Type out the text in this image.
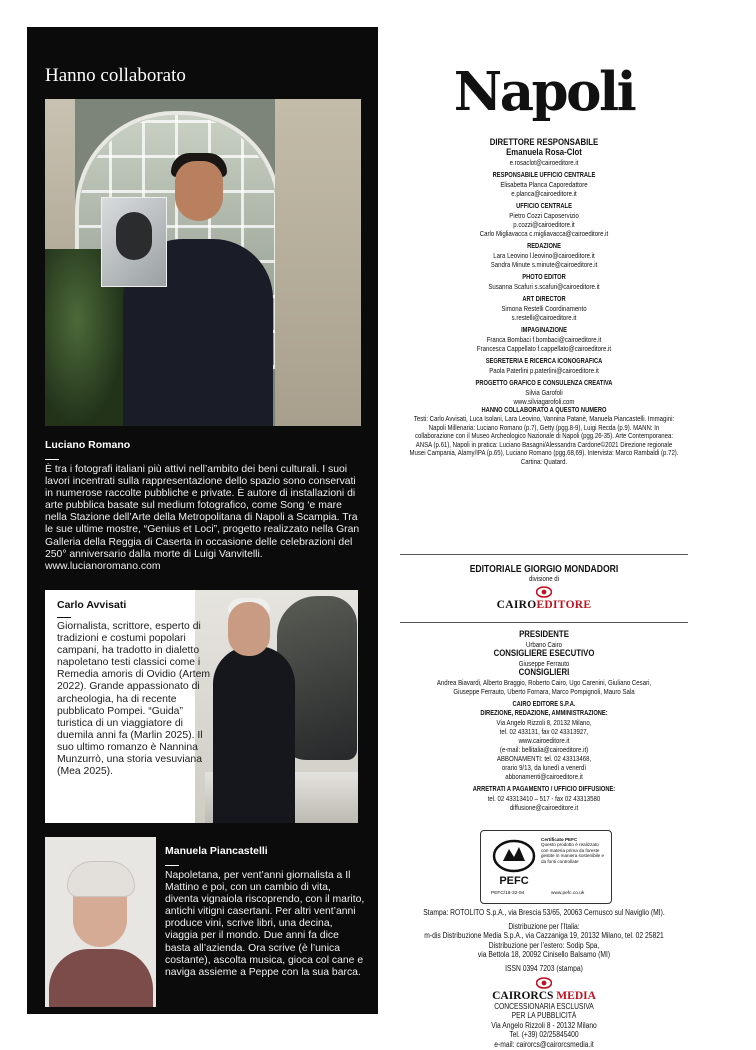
Hanno collaborato
Luciano Romano
È tra i fotografi italiani più attivi nell’ambito dei beni culturali. I suoi lavori incentrati sulla rappresentazione dello spazio sono conservati in numerose raccolte pubbliche e private. È autore di installazioni di arte pubblica basate sul medium fotografico, come Song ‘e mare nella Stazione dell’Arte della Metropolitana di Napoli a Scampia. Tra le sue ultime mostre, “Genius et Loci”, progetto realizzato nella Gran Galleria della Reggia di Caserta in occasione delle celebrazioni del 250° anniversario dalla morte di Luigi Vanvitelli. www.lucianoromano.com
Carlo Avvisati
Giornalista, scrittore, esperto di tradizioni e costumi popolari campani, ha tradotto in dialetto napoletano testi classici come i Remedia amoris di Ovidio (Artem 2022). Grande appassionato di archeologia, ha di recente pubblicato Pompei. “Guida” turistica di un viaggiatore di duemila anni fa (Marlin 2025). Il suo ultimo romanzo è Nannina Munzurrò, una storia vesuviana (Mea 2025).
Manuela Piancastelli
Napoletana, per vent’anni giornalista a Il Mattino e poi, con un cambio di vita, diventa vignaiola riscoprendo, con il marito, antichi vitigni casertani. Per altri vent’anni produce vini, scrive libri, una decina, viaggia per il mondo. Due anni fa dice basta all’azienda. Ora scrive (è l’unica costante), ascolta musica, gioca col cane e naviga assieme a Peppe con la sua barca.
Napoli
DIRETTORE RESPONSABILE
Emanuela Rosa-Clot
e.rosaclot@cairoeditore.it
RESPONSABILE UFFICIO CENTRALE
Elisabetta Planca Caporedattore
e.planca@cairoeditore.it
UFFICIO CENTRALE
Pietro Cozzi Caposervizio
p.cozzi@cairoeditore.it
Carlo Migliavacca c.migliavacca@cairoeditore.it
REDAZIONE
Lara Leovino l.leovino@cairoeditore.it
Sandra Minute s.minute@cairoeditore.it
PHOTO EDITOR
Susanna Scafuri s.scafuri@cairoeditore.it
ART DIRECTOR
Simona Restelli Coordinamento
s.restelli@cairoeditore.it
IMPAGINAZIONE
Franca Bombaci f.bombaci@cairoeditore.it
Francesca Cappellato f.cappellato@cairoeditore.it
SEGRETERIA E RICERCA ICONOGRAFICA
Paola Paterlini p.paterlini@cairoeditore.it
PROGETTO GRAFICO E CONSULENZA CREATIVA
Silvia Garofoli
www.silviagarofoli.com
HANNO COLLABORATO A QUESTO NUMERO
Testi: Carlo Avvisati, Luca Isolani, Lara Leovino, Vannina Patanè, Manuela Piancastelli. Immagini: Napoli Millenaria: Luciano Romano (p.7), Getty (pgg.8-9), Luigi Recda (p.9). MANN: In collaborazione con il Museo Archeologico Nazionale di Napoli (pgg.26-35). Arte Contemporanea: ANSA (p.61), Napoli in pratica: Luciano Basagni/Alessandra Cardone©2021 Direzione regionale Musei Campania, Alamy/IPA (p.65), Luciano Romano (pgg.68,69). Intervista: Marco Rambaldi (p.72). Cartina: Quatard.
EDITORIALE GIORGIO MONDADORI
divisione di
CAIROEDITORE
PRESIDENTE
Urbano Cairo
CONSIGLIERE ESECUTIVO
Giuseppe Ferrauto
CONSIGLIERI
Andrea Biavardi, Alberto Braggio, Roberto Cairo, Ugo Carenini, Giuliano Cesari,
Giuseppe Ferrauto, Uberto Fornara, Marco Pompignoli, Mauro Sala
CAIRO EDITORE S.P.A.
DIREZIONE, REDAZIONE, AMMINISTRAZIONE:
Via Angelo Rizzoli 8, 20132 Milano,
tel. 02 433131, fax 02 43313927,
www.cairoeditore.it
(e-mail: bellitalia@cairoeditore.it)
ABBONAMENTI: tel. 02 43313468,
orario 9/13, da lunedì a venerdì
abbonamenti@cairoeditore.it
ARRETRATI A PAGAMENTO / UFFICIO DIFFUSIONE:
tel. 02 43313410 – 517 - fax 02 43313580
diffusione@cairoeditore.it
PEFC
Certificato PEFC
Questo prodotto è realizzato con materia prima da foreste gestite in maniera sostenibile e da fonti controllate
PEFC/18-32-94	www.pefc.co.uk
Stampa: ROTOLITO S.p.A., via Brescia 53/65, 20063 Cernusco sul Naviglio (MI).
Distribuzione per l’Italia:
m-dis Distribuzione Media S.p.A., via Cazzaniga 19, 20132 Milano, tel. 02 25821
Distribuzione per l’estero: Sodip Spa,
via Bettola 18, 20092 Cinisello Balsamo (MI)
ISSN 0394 7203 (stampa)
CAIRORCS MEDIA
CONCESSIONARIA ESCLUSIVA
PER LA PUBBLICITÀ
Via Angelo Rizzoli 8 - 20132 Milano
Tel. (+39) 02/25845400
e-mail: cairorcs@cairorcsmedia.it
